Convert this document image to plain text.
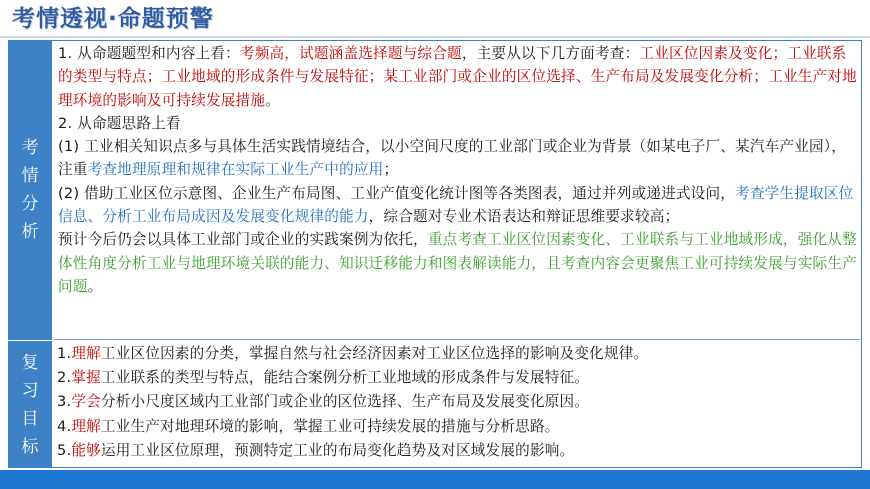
考情透视·命题预警
考
情
分
析

1. 从命题题型和内容上看：考频高，试题涵盖选择题与综合题，主要从以下几方面考查：工业区位因素及变化；工业联系的类型与特点；工业地域的形成条件与发展特征；某工业部门或企业的区位选择、生产布局及发展变化分析；工业生产对地理环境的影响及可持续发展措施。

2. 从命题思路上看

(1) 工业相关知识点多与具体生活实践情境结合，以小空间尺度的工业部门或企业为背景（如某电子厂、某汽车产业园），注重考查地理原理和规律在实际工业生产中的应用；

(2) 借助工业区位示意图、企业生产布局图、工业产值变化统计图等各类图表，通过并列或递进式设问，考查学生提取区位信息、分析工业布局成因及发展变化规律的能力，综合题对专业术语表达和辩证思维要求较高；

预计今后仍会以具体工业部门或企业的实践案例为依托，重点考查工业区位因素变化、工业联系与工业地域形成，强化从整体性角度分析工业与地理环境关联的能力、知识迁移能力和图表解读能力，且考查内容会更聚焦工业可持续发展与实际生产问题。

复
习
目
标

1.理解工业区位因素的分类，掌握自然与社会经济因素对工业区位选择的影响及变化规律。

2.掌握工业联系的类型与特点，能结合案例分析工业地域的形成条件与发展特征。

3.学会分析小尺度区域内工业部门或企业的区位选择、生产布局及发展变化原因。

4.理解工业生产对地理环境的影响，掌握工业可持续发展的措施与分析思路。

5.能够运用工业区位原理，预测特定工业的布局变化趋势及对区域发展的影响。
